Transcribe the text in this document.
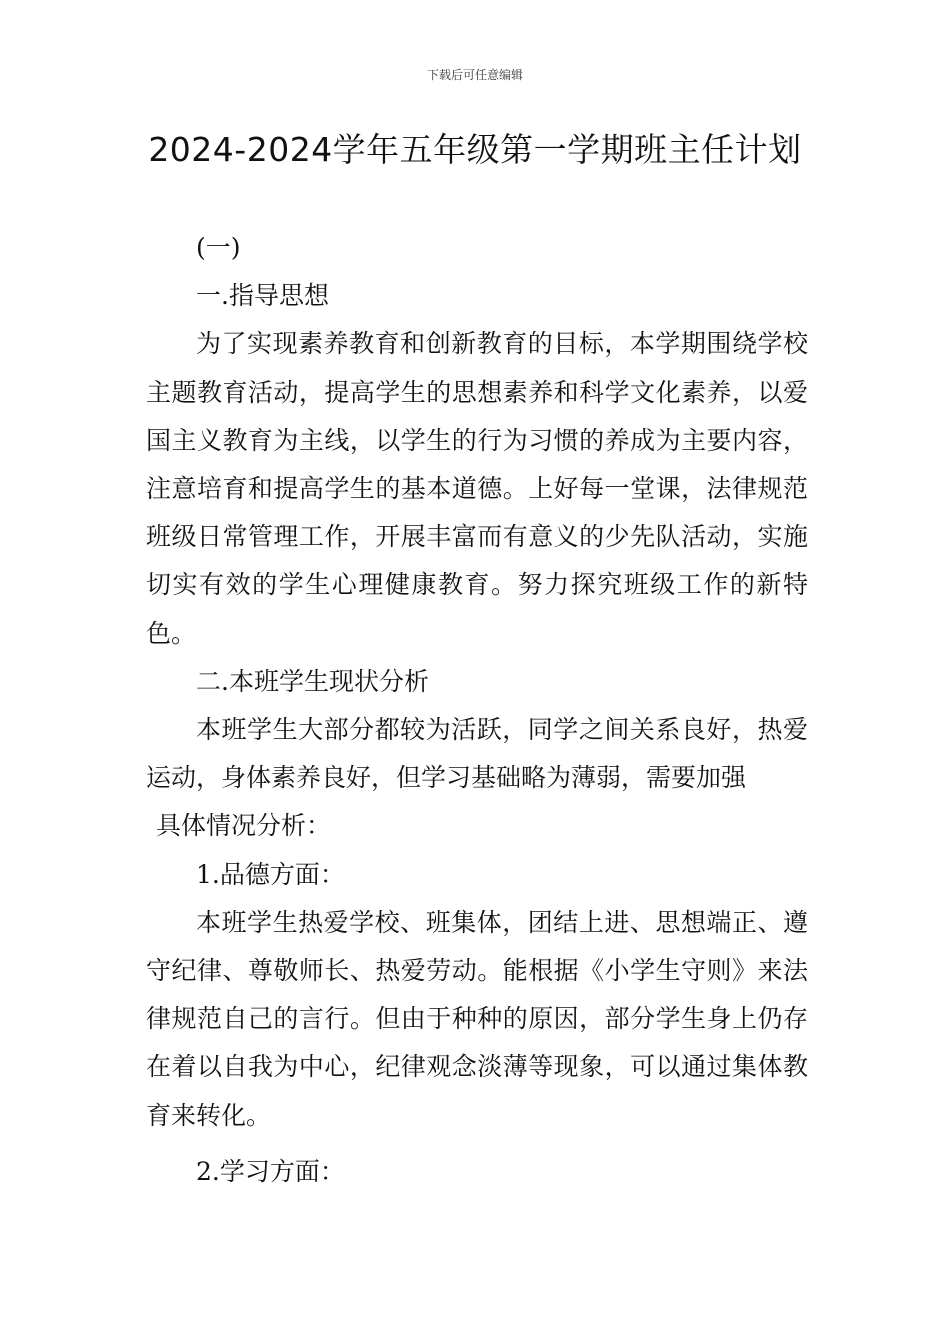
下载后可任意编辑
2024-2024学年五年级第一学期班主任计划

(一)

一.指导思想

为了实现素养教育和创新教育的目标，本学期围绕学校主题教育活动，提高学生的思想素养和科学文化素养，以爱国主义教育为主线，以学生的行为习惯的养成为主要内容，注意培育和提高学生的基本道德。上好每一堂课，法律规范班级日常管理工作，开展丰富而有意义的少先队活动，实施切实有效的学生心理健康教育。努力探究班级工作的新特色。

二.本班学生现状分析

本班学生大部分都较为活跃，同学之间关系良好，热爱运动，身体素养良好，但学习基础略为薄弱，需要加强

具体情况分析：

1.品德方面：

本班学生热爱学校、班集体，团结上进、思想端正、遵守纪律、尊敬师长、热爱劳动。能根据《小学生守则》来法律规范自己的言行。但由于种种的原因，部分学生身上仍存在着以自我为中心，纪律观念淡薄等现象，可以通过集体教育来转化。

2.学习方面：
